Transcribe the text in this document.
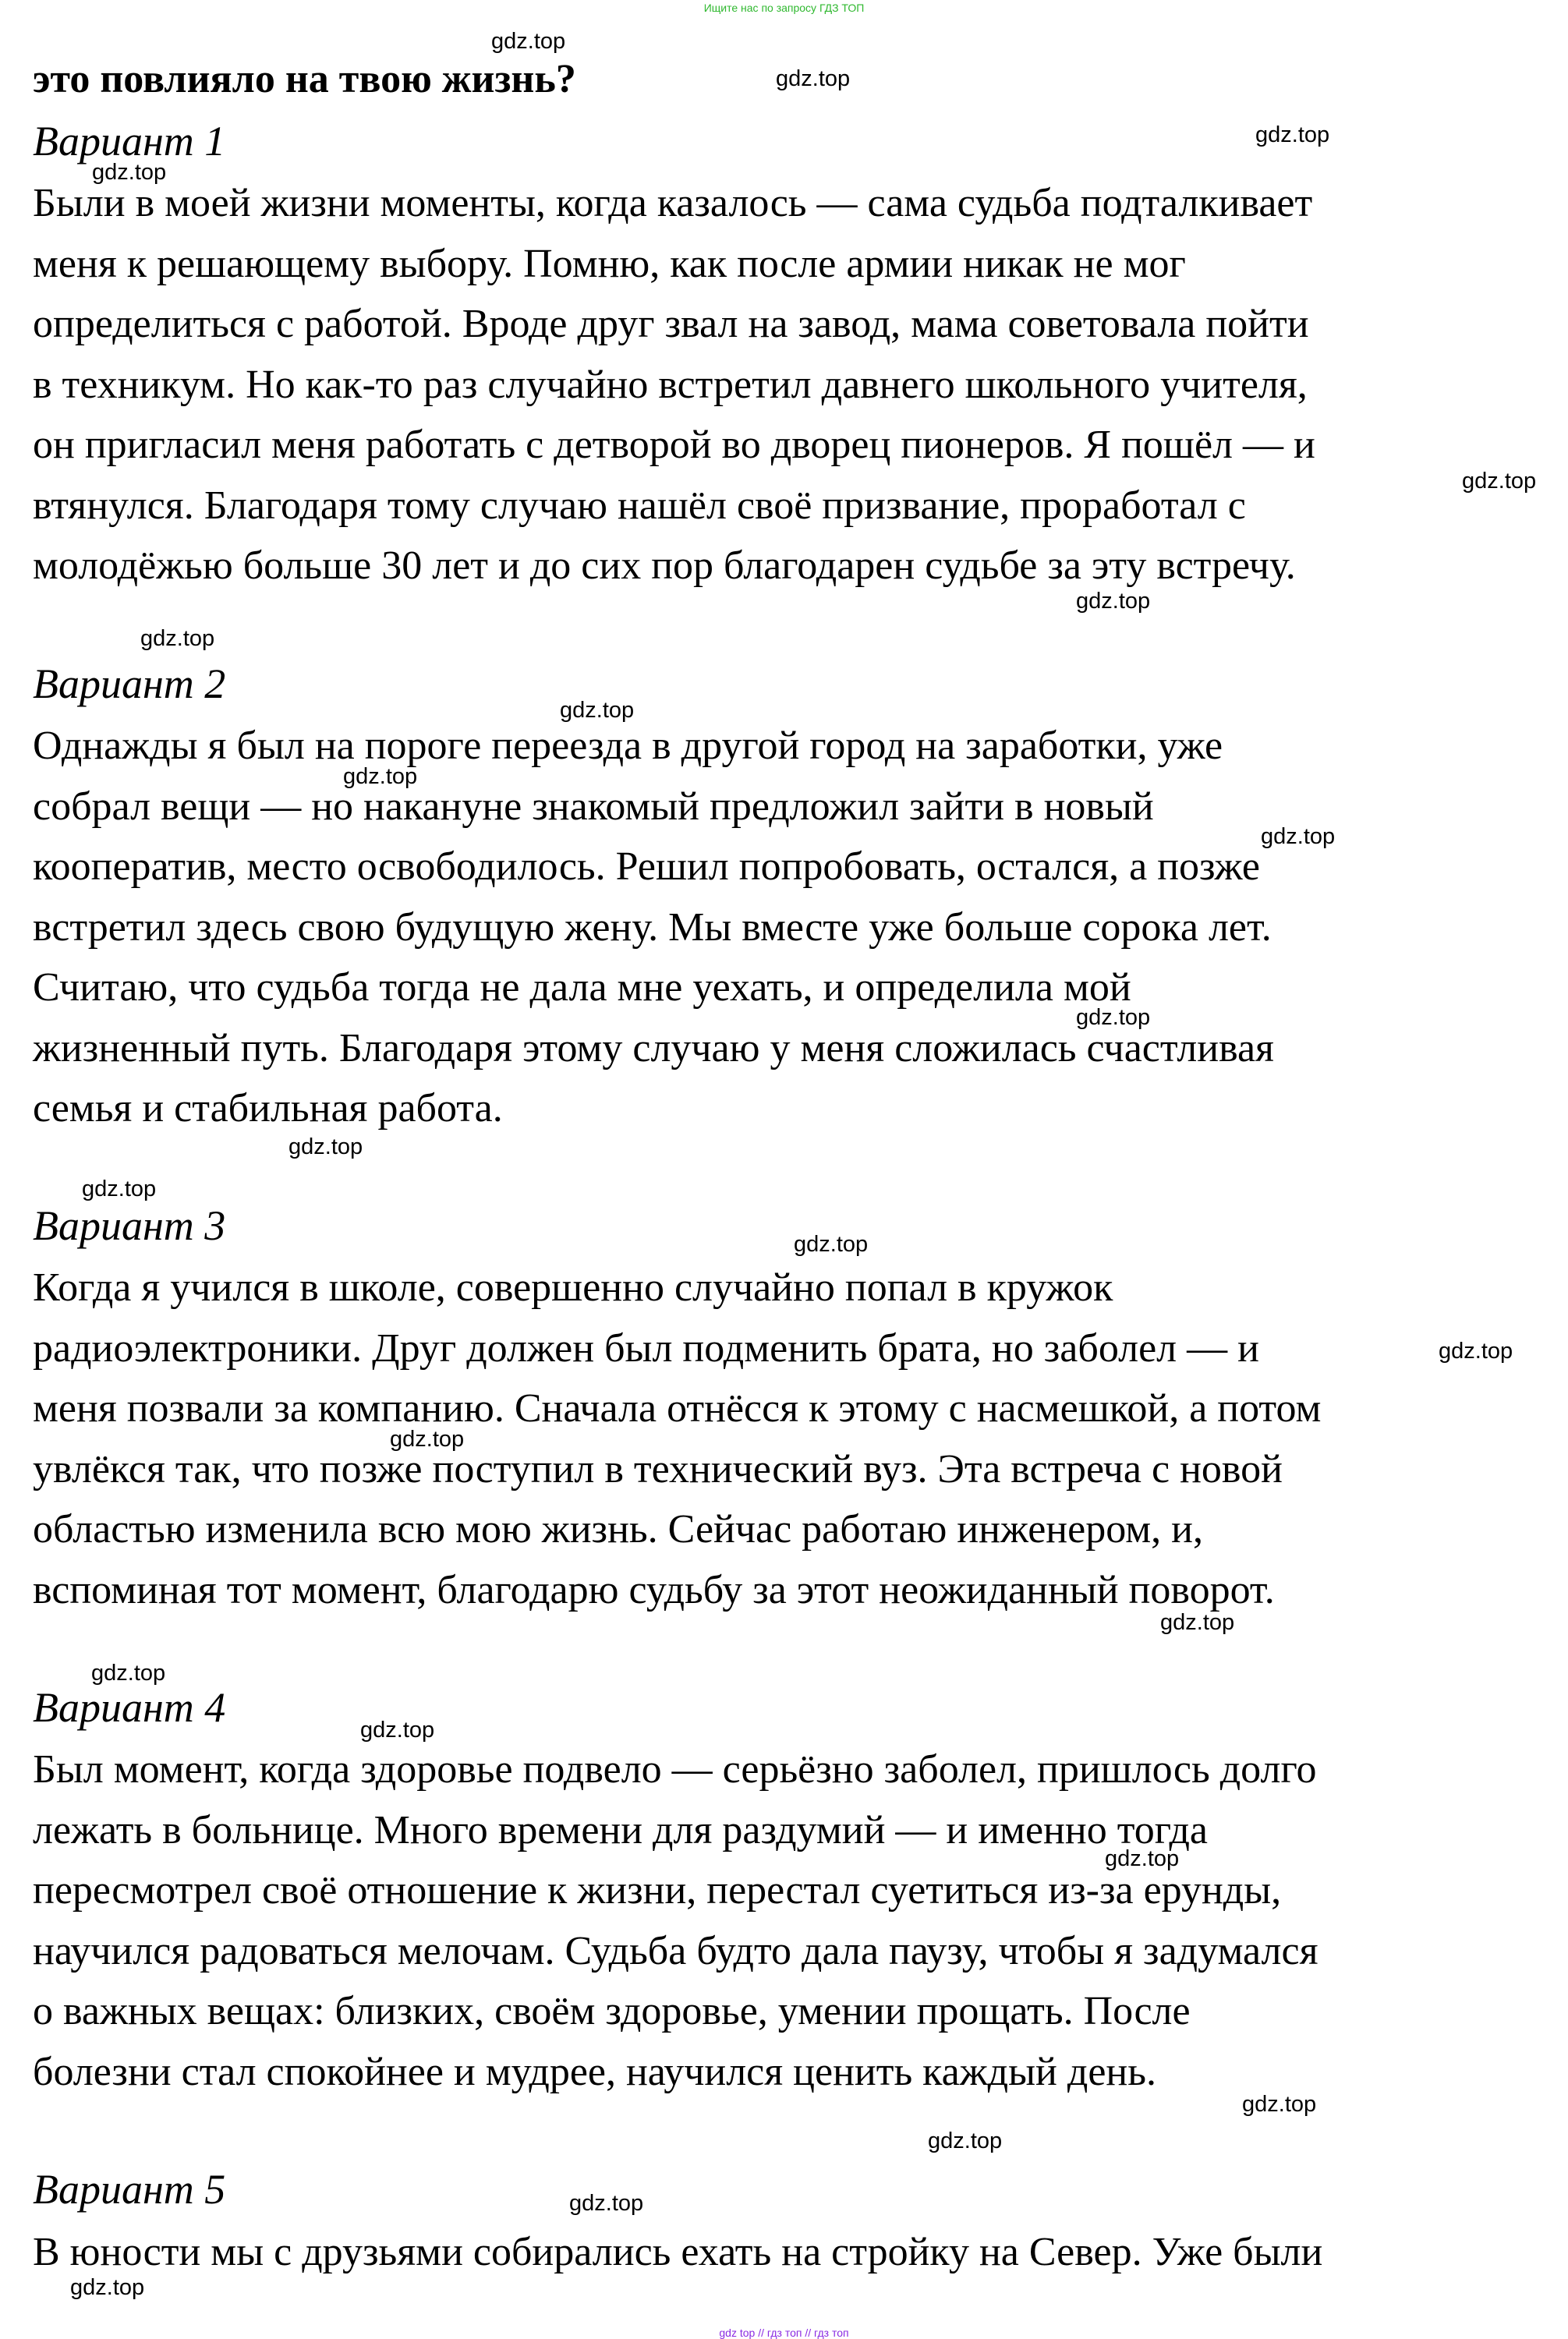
Ищите нас по запросу ГДЗ ТОП
это повлияло на твою жизнь?
Вариант 1
Были в моей жизни моменты, когда казалось — сама судьба подталкивает
меня к решающему выбору. Помню, как после армии никак не мог
определиться с работой. Вроде друг звал на завод, мама советовала пойти
в техникум. Но как-то раз случайно встретил давнего школьного учителя,
он пригласил меня работать с детворой во дворец пионеров. Я пошёл — и
втянулся. Благодаря тому случаю нашёл своё призвание, проработал с
молодёжью больше 30 лет и до сих пор благодарен судьбе за эту встречу.
Вариант 2
Однажды я был на пороге переезда в другой город на заработки, уже
собрал вещи — но накануне знакомый предложил зайти в новый
кооператив, место освободилось. Решил попробовать, остался, а позже
встретил здесь свою будущую жену. Мы вместе уже больше сорока лет.
Считаю, что судьба тогда не дала мне уехать, и определила мой
жизненный путь. Благодаря этому случаю у меня сложилась счастливая
семья и стабильная работа.
Вариант 3
Когда я учился в школе, совершенно случайно попал в кружок
радиоэлектроники. Друг должен был подменить брата, но заболел — и
меня позвали за компанию. Сначала отнёсся к этому с насмешкой, а потом
увлёкся так, что позже поступил в технический вуз. Эта встреча с новой
областью изменила всю мою жизнь. Сейчас работаю инженером, и,
вспоминая тот момент, благодарю судьбу за этот неожиданный поворот.
Вариант 4
Был момент, когда здоровье подвело — серьёзно заболел, пришлось долго
лежать в больнице. Много времени для раздумий — и именно тогда
пересмотрел своё отношение к жизни, перестал суетиться из-за ерунды,
научился радоваться мелочам. Судьба будто дала паузу, чтобы я задумался
о важных вещах: близких, своём здоровье, умении прощать. После
болезни стал спокойнее и мудрее, научился ценить каждый день.
Вариант 5
В юности мы с друзьями собирались ехать на стройку на Север. Уже были
gdz.top
gdz.top
gdz.top
gdz.top
gdz.top
gdz.top
gdz.top
gdz.top
gdz.top
gdz.top
gdz.top
gdz.top
gdz.top
gdz.top
gdz.top
gdz.top
gdz.top
gdz.top
gdz.top
gdz.top
gdz.top
gdz.top
gdz.top
gdz.top
gdz top // гдз топ // гдз топ
